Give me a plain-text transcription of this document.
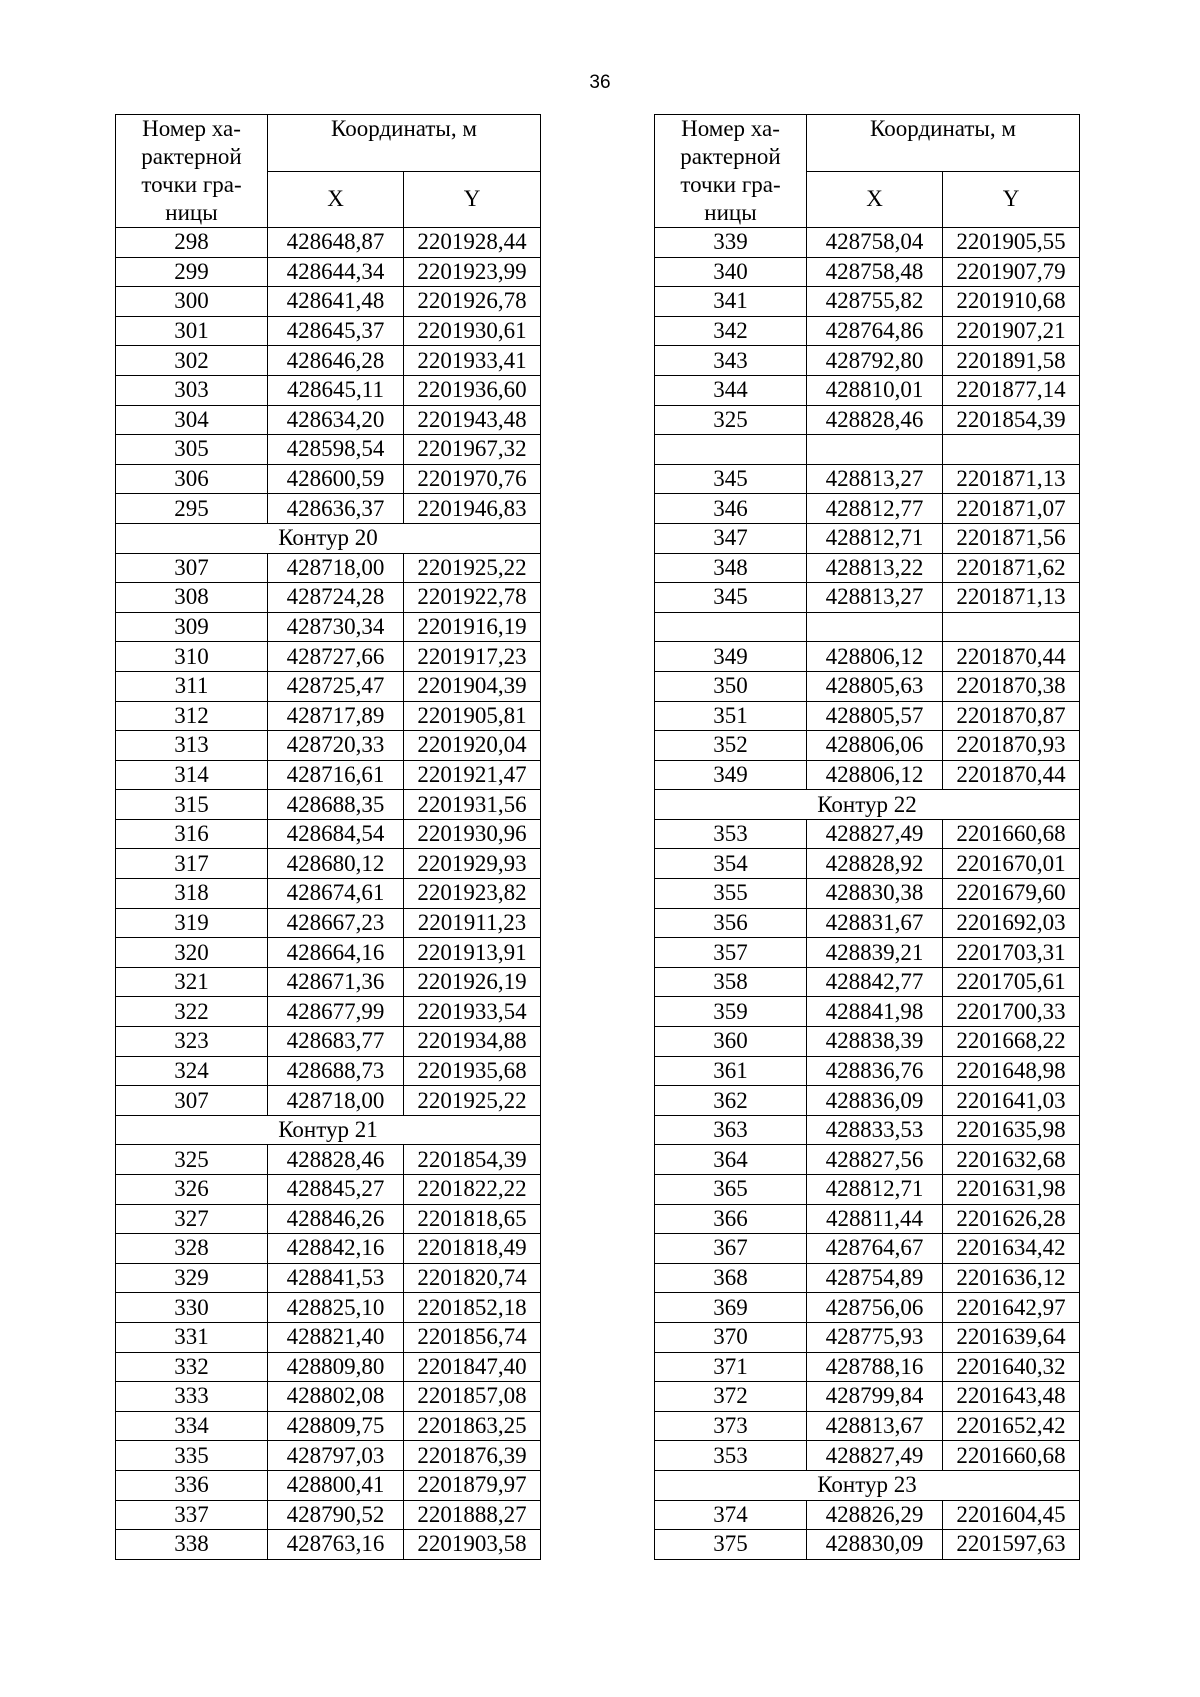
36
Номер ха-
рактерной
точки гра-
ницы	Координаты, м	
	X	Y
298	428648,87	2201928,44
299	428644,34	2201923,99
300	428641,48	2201926,78
301	428645,37	2201930,61
302	428646,28	2201933,41
303	428645,11	2201936,60
304	428634,20	2201943,48
305	428598,54	2201967,32
306	428600,59	2201970,76
295	428636,37	2201946,83
Контур 20		
307	428718,00	2201925,22
308	428724,28	2201922,78
309	428730,34	2201916,19
310	428727,66	2201917,23
311	428725,47	2201904,39
312	428717,89	2201905,81
313	428720,33	2201920,04
314	428716,61	2201921,47
315	428688,35	2201931,56
316	428684,54	2201930,96
317	428680,12	2201929,93
318	428674,61	2201923,82
319	428667,23	2201911,23
320	428664,16	2201913,91
321	428671,36	2201926,19
322	428677,99	2201933,54
323	428683,77	2201934,88
324	428688,73	2201935,68
307	428718,00	2201925,22
Контур 21		
325	428828,46	2201854,39
326	428845,27	2201822,22
327	428846,26	2201818,65
328	428842,16	2201818,49
329	428841,53	2201820,74
330	428825,10	2201852,18
331	428821,40	2201856,74
332	428809,80	2201847,40
333	428802,08	2201857,08
334	428809,75	2201863,25
335	428797,03	2201876,39
336	428800,41	2201879,97
337	428790,52	2201888,27
338	428763,16	2201903,58
Номер ха-
рактерной
точки гра-
ницы	Координаты, м	
	X	Y
339	428758,04	2201905,55
340	428758,48	2201907,79
341	428755,82	2201910,68
342	428764,86	2201907,21
343	428792,80	2201891,58
344	428810,01	2201877,14
325	428828,46	2201854,39

345	428813,27	2201871,13
346	428812,77	2201871,07
347	428812,71	2201871,56
348	428813,22	2201871,62
345	428813,27	2201871,13

349	428806,12	2201870,44
350	428805,63	2201870,38
351	428805,57	2201870,87
352	428806,06	2201870,93
349	428806,12	2201870,44
Контур 22		
353	428827,49	2201660,68
354	428828,92	2201670,01
355	428830,38	2201679,60
356	428831,67	2201692,03
357	428839,21	2201703,31
358	428842,77	2201705,61
359	428841,98	2201700,33
360	428838,39	2201668,22
361	428836,76	2201648,98
362	428836,09	2201641,03
363	428833,53	2201635,98
364	428827,56	2201632,68
365	428812,71	2201631,98
366	428811,44	2201626,28
367	428764,67	2201634,42
368	428754,89	2201636,12
369	428756,06	2201642,97
370	428775,93	2201639,64
371	428788,16	2201640,32
372	428799,84	2201643,48
373	428813,67	2201652,42
353	428827,49	2201660,68
Контур 23		
374	428826,29	2201604,45
375	428830,09	2201597,63
